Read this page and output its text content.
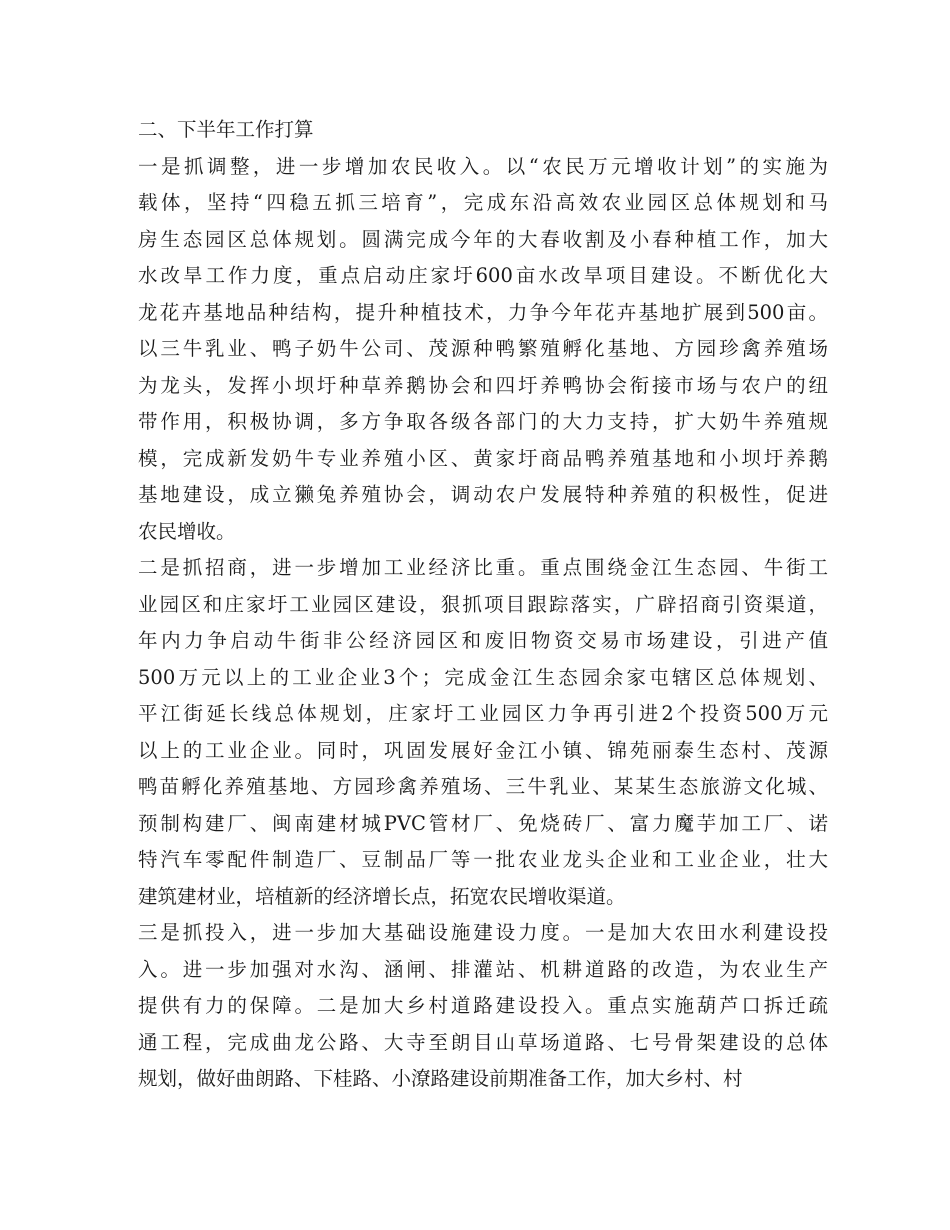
二、下半年工作打算
一是抓调整，进一步增加农民收入。以“农民万元增收计划”的实施为
载体，坚持“四稳五抓三培育”，完成东沿高效农业园区总体规划和马
房生态园区总体规划。圆满完成今年的大春收割及小春种植工作，加大
水改旱工作力度，重点启动庄家圩600亩水改旱项目建设。不断优化大
龙花卉基地品种结构，提升种植技术，力争今年花卉基地扩展到500亩。
以三牛乳业、鸭子奶牛公司、茂源种鸭繁殖孵化基地、方园珍禽养殖场
为龙头，发挥小坝圩种草养鹅协会和四圩养鸭协会衔接市场与农户的纽
带作用，积极协调，多方争取各级各部门的大力支持，扩大奶牛养殖规
模，完成新发奶牛专业养殖小区、黄家圩商品鸭养殖基地和小坝圩养鹅
基地建设，成立獭兔养殖协会，调动农户发展特种养殖的积极性，促进
农民增收。
二是抓招商，进一步增加工业经济比重。重点围绕金江生态园、牛街工
业园区和庄家圩工业园区建设，狠抓项目跟踪落实，广辟招商引资渠道，
年内力争启动牛街非公经济园区和废旧物资交易市场建设，引进产值
500万元以上的工业企业3个；完成金江生态园余家屯辖区总体规划、
平江街延长线总体规划，庄家圩工业园区力争再引进2个投资500万元
以上的工业企业。同时，巩固发展好金江小镇、锦苑丽泰生态村、茂源
鸭苗孵化养殖基地、方园珍禽养殖场、三牛乳业、某某生态旅游文化城、
预制构建厂、闽南建材城PVC管材厂、免烧砖厂、富力魔芋加工厂、诺
特汽车零配件制造厂、豆制品厂等一批农业龙头企业和工业企业，壮大
建筑建材业，培植新的经济增长点，拓宽农民增收渠道。
三是抓投入，进一步加大基础设施建设力度。一是加大农田水利建设投
入。进一步加强对水沟、涵闸、排灌站、机耕道路的改造，为农业生产
提供有力的保障。二是加大乡村道路建设投入。重点实施葫芦口拆迁疏
通工程，完成曲龙公路、大寺至朗目山草场道路、七号骨架建设的总体
规划，做好曲朗路、下桂路、小潦路建设前期准备工作，加大乡村、村
